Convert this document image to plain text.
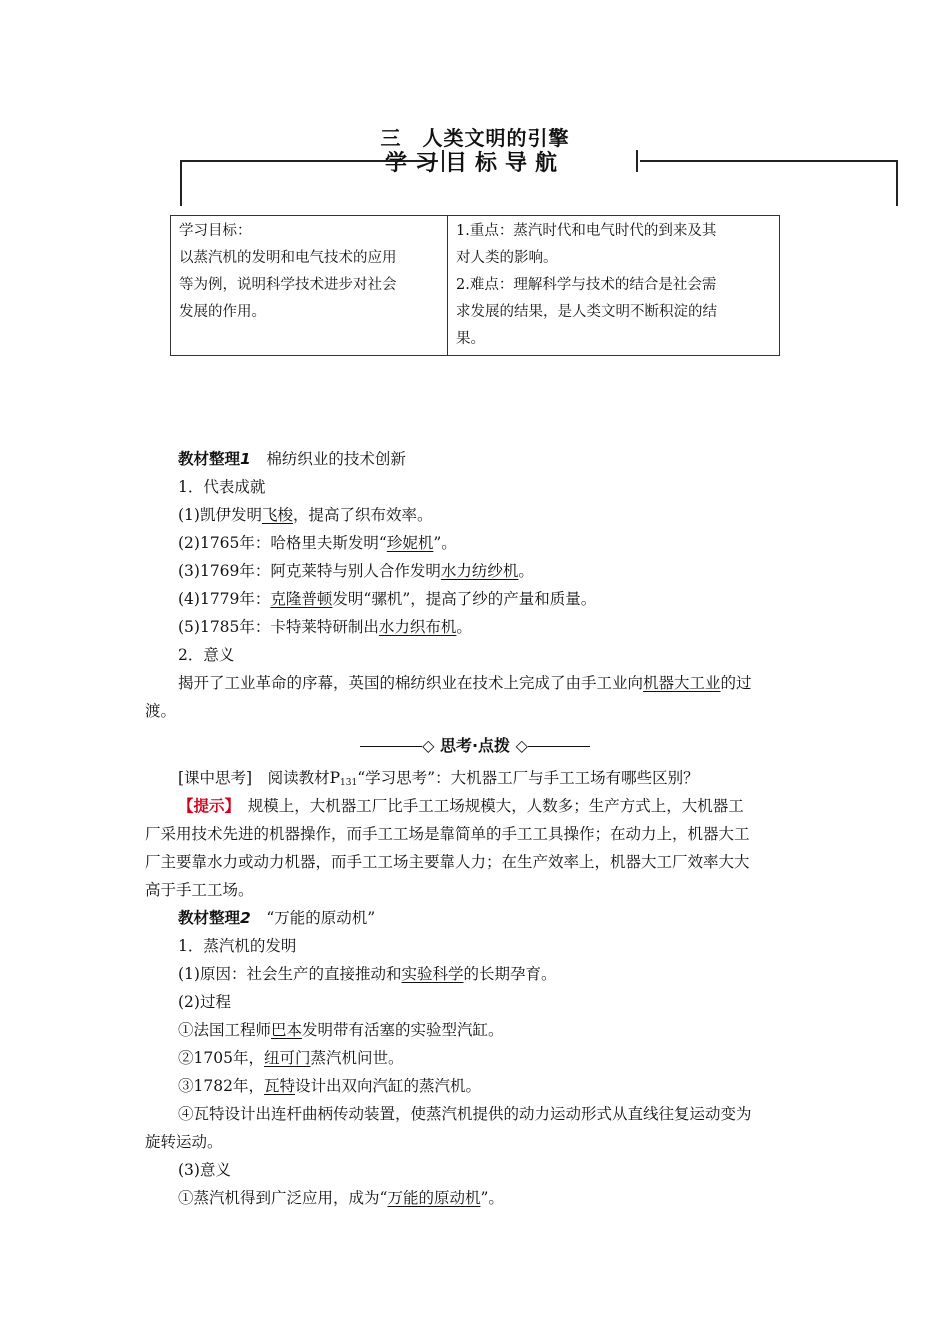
三　人类文明的引擎
学习目标导航
学习目标：
以蒸汽机的发明和电气技术的应用
等为例，说明科学技术进步对社会
发展的作用。

1.重点：蒸汽时代和电气时代的到来及其
对人类的影响。
2.难点：理解科学与技术的结合是社会需
求发展的结果，是人类文明不断积淀的结
果。
教材整理1　 棉纺织业的技术创新
1．代表成就
(1)凯伊发明飞梭，提高了织布效率。
(2)1765年：哈格里夫斯发明“珍妮机”。
(3)1769年：阿克莱特与别人合作发明水力纺纱机。
(4)1779年：克隆普顿发明“骡机”，提高了纱的产量和质量。
(5)1785年：卡特莱特研制出水力织布机。
2．意义
揭开了工业革命的序幕，英国的棉纺织业在技术上完成了由手工业向机器大工业的过
渡。
◇ 思考·点拨 ◇
[课中思考]　阅读教材$P_{131}“$学习思考”：大机器工厂与手工工场有哪些区别？
【提示】　规模上，大机器工厂比手工工场规模大，人数多；生产方式上，大机器工
厂采用技术先进的机器操作，而手工工场是靠简单的手工工具操作；在动力上，机器大工
厂主要靠水力或动力机器，而手工工场主要靠人力；在生产效率上，机器大工厂效率大大
高于手工工场。
教材整理2　 “万能的原动机”
1．蒸汽机的发明
(1)原因：社会生产的直接推动和实验科学的长期孕育。
(2)过程
①法国工程师巴本发明带有活塞的实验型汽缸。
②1705年，纽可门蒸汽机问世。
③1782年，瓦特设计出双向汽缸的蒸汽机。
④瓦特设计出连杆曲柄传动装置，使蒸汽机提供的动力运动形式从直线往复运动变为
旋转运动。
(3)意义
①蒸汽机得到广泛应用，成为“万能的原动机”。
